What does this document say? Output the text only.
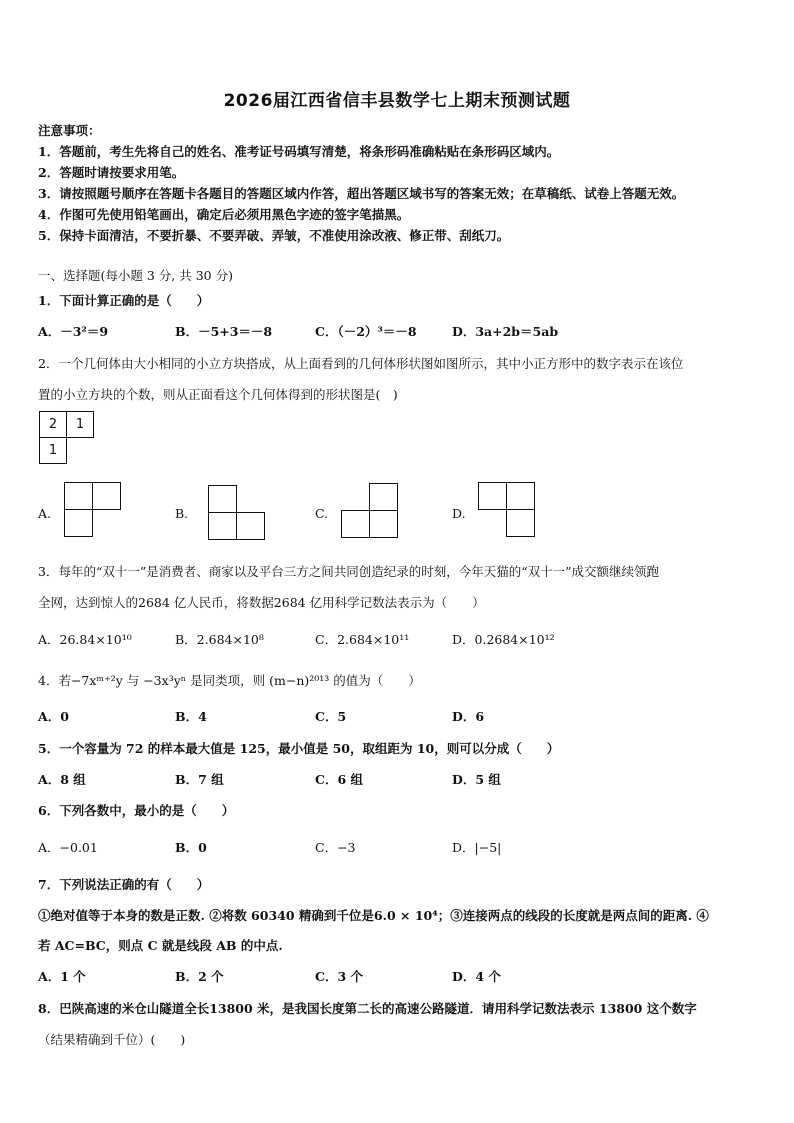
2026届江西省信丰县数学七上期末预测试题
注意事项：
1．答题前，考生先将自己的姓名、准考证号码填写清楚，将条形码准确粘贴在条形码区域内。
2．答题时请按要求用笔。
3．请按照题号顺序在答题卡各题目的答题区域内作答，超出答题区域书写的答案无效；在草稿纸、试卷上答题无效。
4．作图可先使用铅笔画出，确定后必须用黑色字迹的签字笔描黑。
5．保持卡面清洁，不要折暴、不要弄破、弄皱，不准使用涂改液、修正带、刮纸刀。
一、选择题(每小题 3 分, 共 30 分)
1．下面计算正确的是（　　）
A．－3²＝9	B．－5+3＝－8	C．（－2）³＝－8	D．3a+2b＝5ab
2．一个几何体由大小相同的小立方块搭成，从上面看到的几何体形状图如图所示，其中小正方形中的数字表示在该位
置的小立方块的个数，则从正面看这个几何体得到的形状图是(　)
2	1
1
A.	B.	C.	D.
3．每年的“双十一”是消费者、商家以及平台三方之间共同创造纪录的时刻，今年天猫的“双十一”成交额继续领跑
全网，达到惊人的2684 亿人民币，将数据2684 亿用科学记数法表示为（　　）
A．26.84×10¹⁰	B．2.684×10⁸	C．2.684×10¹¹	D．0.2684×10¹²
4．若−7xᵐ⁺²y 与 −3x³yⁿ 是同类项，则 (m−n)²⁰¹³ 的值为（　　）
A．0	B．4	C．5	D．6
5．一个容量为 72 的样本最大值是 125，最小值是 50，取组距为 10，则可以分成（　　）
A．8 组	B．7 组	C．6 组	D．5 组
6．下列各数中，最小的是（　　）
A．−0.01	B．0	C．−3	D．|−5|
7．下列说法正确的有（　　）
①绝对值等于本身的数是正数. ②将数 60340 精确到千位是6.0 × 10⁴；③连接两点的线段的长度就是两点间的距离. ④
若 AC=BC，则点 C 就是线段 AB 的中点.
A．1 个	B．2 个	C．3 个	D．4 个
8．巴陕高速的米仓山隧道全长13800 米，是我国长度第二长的高速公路隧道．请用科学记数法表示 13800 这个数字
（结果精确到千位）(　　)
